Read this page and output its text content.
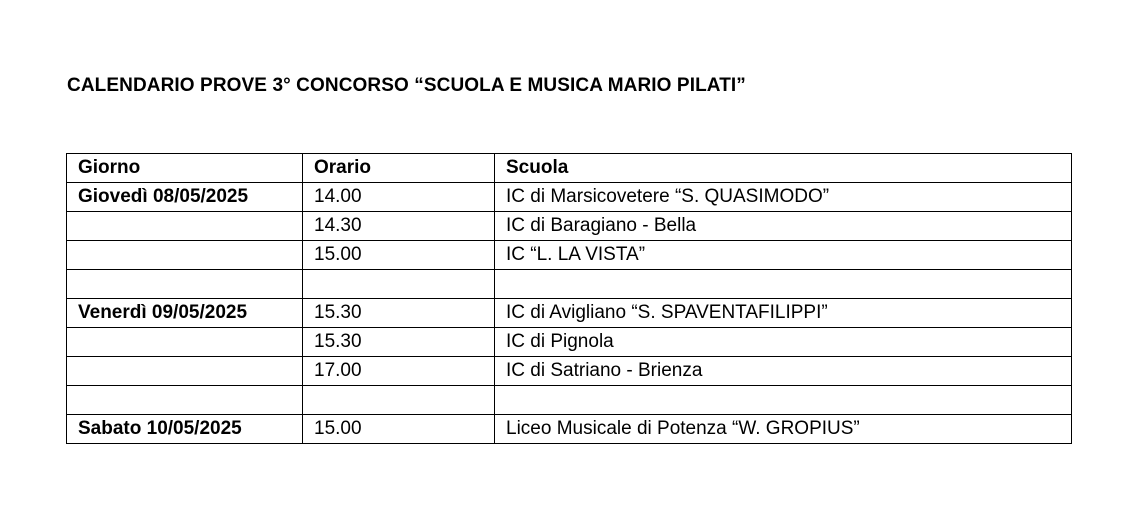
CALENDARIO PROVE 3° CONCORSO “SCUOLA E MUSICA MARIO PILATI”
Giorno	Orario	Scuola
Giovedì 08/05/2025	14.00	IC di Marsicovetere “S. QUASIMODO”
	14.30	IC di Baragiano - Bella
	15.00	IC “L. LA VISTA”

Venerdì 09/05/2025	15.30	IC di Avigliano “S. SPAVENTAFILIPPI”
	15.30	IC di Pignola
	17.00	IC di Satriano - Brienza

Sabato 10/05/2025	15.00	Liceo Musicale di Potenza “W. GROPIUS”
